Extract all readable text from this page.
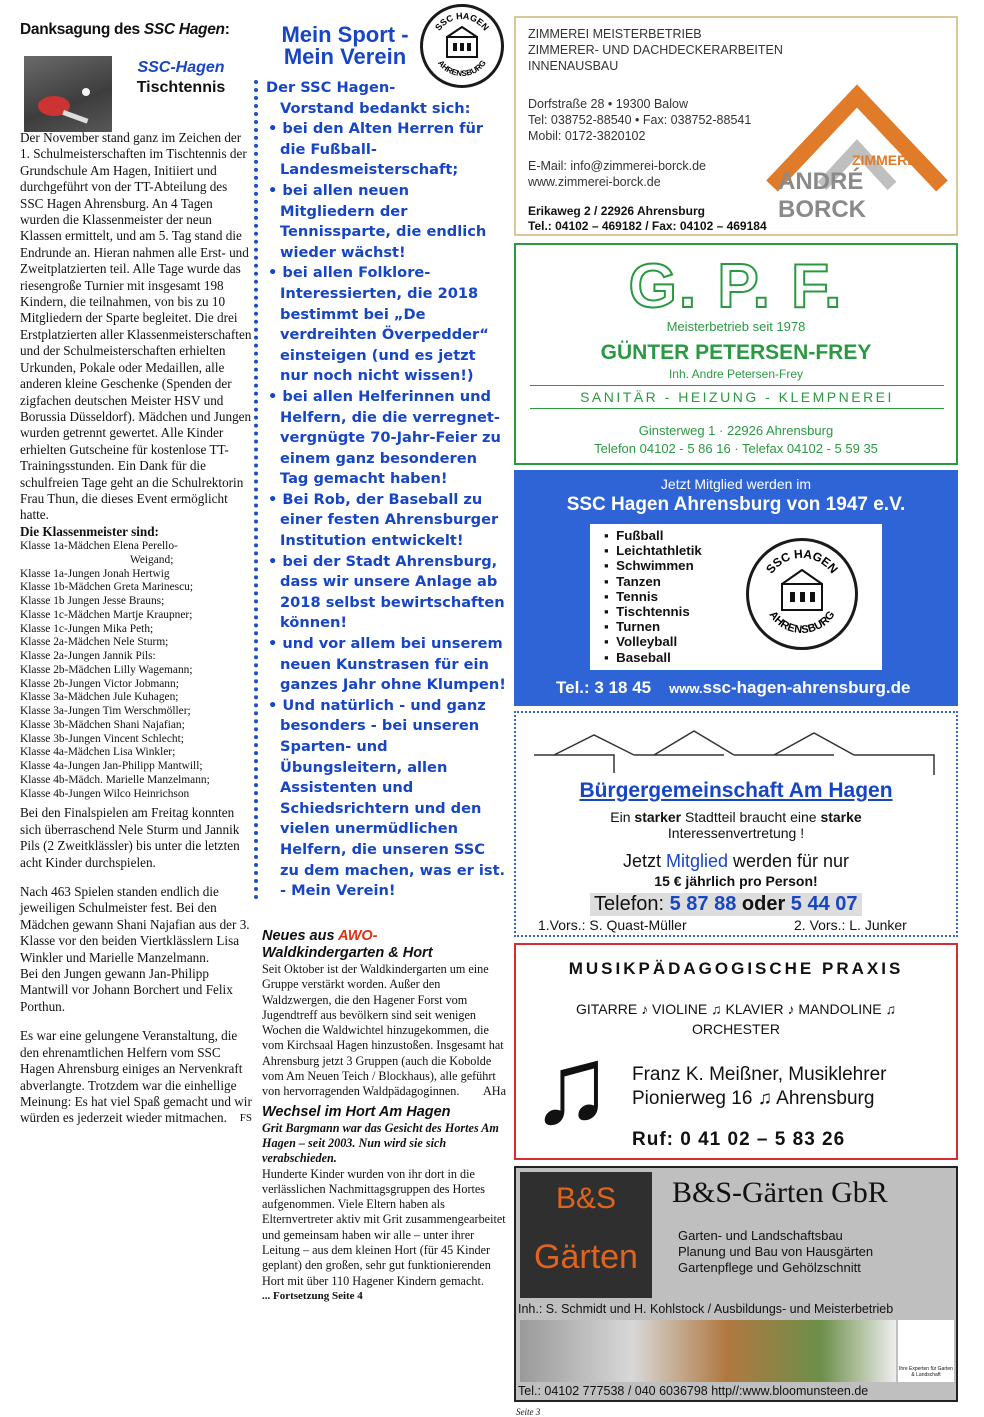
Danksagung des SSC Hagen:
SSC-Hagen
Tischtennis

Der November stand ganz im Zeichen der 1. Schulmeisterschaften im Tischtennis der Grundschule Am Hagen, Initiiert und durchgeführt von der TT-Abteilung des SSC Hagen Ahrensburg. An 4 Tagen wurden die Klassenmeister der neun Klassen ermittelt, und am 5. Tag stand die Endrunde an. Hieran nahmen alle Erst- und Zweitplatzierten teil. Alle Tage wurde das riesengroße Turnier mit insgesamt 198 Kindern, die teilnahmen, von bis zu 10 Mitgliedern der Sparte begleitet. Die drei Erstplatzierten aller Klassenmeisterschaften und der Schulmeisterschaften erhielten Urkunden, Pokale oder Medaillen, alle anderen kleine Geschenke (Spenden der zigfachen deutschen Meister HSV und Borussia Düsseldorf). Mädchen und Jungen wurden getrennt gewertet. Alle Kinder erhielten Gutscheine für kostenlose TT-Trainingsstunden. Ein Dank für die schulfreien Tage geht an die Schulrektorin Frau Thun, die dieses Event ermöglicht hatte.

Die Klassenmeister sind:

Klasse 1a-Mädchen Elena Perello-
Weigand;
Klasse 1a-Jungen Jonah Hertwig
Klasse 1b-Mädchen Greta Marinescu;
Klasse 1b Jungen Jesse Brauns;
Klasse 1c-Mädchen Martje Kraupner;
Klasse 1c-Jungen Mika Peth;
Klasse 2a-Mädchen Nele Sturm;
Klasse 2a-Jungen Jannik Pils:
Klasse 2b-Mädchen Lilly Wagemann;
Klasse 2b-Jungen Victor Jobmann;
Klasse 3a-Mädchen Jule Kuhagen;
Klasse 3a-Jungen Tim Werschmöller;
Klasse 3b-Mädchen Shani Najafian;
Klasse 3b-Jungen Vincent Schlecht;
Klasse 4a-Mädchen Lisa Winkler;
Klasse 4a-Jungen Jan-Philipp Mantwill;
Klasse 4b-Mädch. Marielle Manzelmann;
Klasse 4b-Jungen Wilco Heinrichson

Bei den Finalspielen am Freitag konnten sich überraschend Nele Sturm und Jannik Pils (2 Zweitklässler) bis unter die letzten acht Kinder durchspielen.

Nach 463 Spielen standen endlich die jeweiligen Schulmeister fest. Bei den Mädchen gewann Shani Najafian aus der 3. Klasse vor den beiden Viertklässlern Lisa Winkler und Marielle Manzelmann.

Bei den Jungen gewann Jan-Philipp Mantwill vor Johann Borchert und Felix Porthun.

Es war eine gelungene Veranstaltung, die den ehrenamtlichen Helfern vom SSC Hagen Ahrensburg einiges an Nervenkraft abverlangte. Trotzdem war die einhellige Meinung: Es hat viel Spaß gemacht und wir würden es jederzeit wieder mitmachen. FS

Mein Sport -
Mein Verein
SSC HAGEN
AHRENSBURG
Der SSC Hagen-
Vorstand bedankt sich:
• bei den Alten Herren für die Fußball-Landesmeisterschaft;
• bei allen neuen Mitgliedern der Tennissparte, die endlich wieder wächst!
• bei allen Folklore-Interessierten, die 2018 bestimmt bei „De verdreihten Överpedder“ einsteigen (und es jetzt nur noch nicht wissen!)
• bei allen Helferinnen und Helfern, die die verregnet-vergnügte 70-Jahr-Feier zu einem ganz besonderen Tag gemacht haben!
• Bei Rob, der Baseball zu einer festen Ahrensburger Institution entwickelt!
• bei der Stadt Ahrensburg, dass wir unsere Anlage ab 2018 selbst bewirtschaften können!
• und vor allem bei unserem neuen Kunstrasen für ein ganzes Jahr ohne Klumpen!
• Und natürlich - und ganz besonders - bei unseren Sparten- und Übungsleitern, allen Assistenten und Schiedsrichtern und den vielen unermüdlichen Helfern, die unseren SSC zu dem machen, was er ist. - Mein Verein!
Neues aus AWO-
Waldkindergarten & Hort
Seit Oktober ist der Waldkindergarten um eine Gruppe verstärkt worden. Außer den Waldzwergen, die den Hagener Forst vom Jugendtreff aus bevölkern sind seit wenigen Wochen die Waldwichtel hinzugekommen, die vom Kirchsaal Hagen hinzustoßen. Insgesamt hat Ahrensburg jetzt 3 Gruppen (auch die Kobolde vom Am Neuen Teich / Blockhaus), alle geführt von hervorragenden Waldpädagoginnen. AHa
Wechsel im Hort Am Hagen
Grit Bargmann war das Gesicht des Hortes Am Hagen – seit 2003. Nun wird sie sich verabschieden.
Hunderte Kinder wurden von ihr dort in die verlässlichen Nachmittagsgruppen des Hortes aufgenommen. Viele Eltern haben als Elternvertreter aktiv mit Grit zusammengearbeitet und gemeinsam haben wir alle – unter ihrer Leitung – aus dem kleinen Hort (für 45 Kinder geplant) den großen, sehr gut funktionierenden Hort mit über 110 Hagener Kindern gemacht.
... Fortsetzung Seite 4
Seite 3
ZIMMEREI MEISTERBETRIEB
ZIMMERER- UND DACHDECKERARBEITEN
INNENAUSBAU
Dorfstraße 28 • 19300 Balow
Tel: 038752-88540 • Fax: 038752-88541
Mobil: 0172-3820102
E-Mail: info@zimmerei-borck.de
www.zimmerei-borck.de
ZIMMEREI
ANDRÉ BORCK
Erikaweg 2 / 22926 Ahrensburg
Tel.: 04102 – 469182 / Fax: 04102 – 469184
G. P. F.
Meisterbetrieb seit 1978
GÜNTER PETERSEN-FREY
Inh. Andre Petersen-Frey
SANITÄR - HEIZUNG - KLEMPNEREI
Ginsterweg 1 · 22926 Ahrensburg
Telefon 04102 - 5 86 16 · Telefax 04102 - 5 59 35
Jetzt Mitglied werden im
SSC Hagen Ahrensburg von 1947 e.V.
▪  Fußball
▪  Leichtathletik
▪  Schwimmen
▪  Tanzen
▪  Tennis
▪  Tischtennis
▪  Turnen
▪  Volleyball
▪  Baseball
SSC HAGEN
AHRENSBURG
Tel.: 3 18 45 www.ssc-hagen-ahrensburg.de
Bürgergemeinschaft Am Hagen
Ein starker Stadtteil braucht eine starke
Interessenvertretung !
Jetzt Mitglied werden für nur
15 € jährlich pro Person!
Telefon: 5 87 88 oder 5 44 07
1.Vors.: S. Quast-Müller	2. Vors.: L. Junker
MUSIKPÄDAGOGISCHE PRAXIS
GITARRE ♪ VIOLINE ♫ KLAVIER ♪ MANDOLINE ♫
ORCHESTER
♫ Franz K. Meißner, Musiklehrer
Pionierweg 16 ♫ Ahrensburg
Ruf: 0 41 02 – 5 83 26
B&S
Gärten
B&S-Gärten GbR
Garten- und Landschaftsbau
Planung und Bau von Hausgärten
Gartenpflege und Gehölzschnitt
Inh.: S. Schmidt und H. Kohlstock / Ausbildungs- und Meisterbetrieb
Ihre Experten für Garten & Landschaft
Tel.: 04102 777538 / 040 6036798 http//:www.bloomunsteen.de
